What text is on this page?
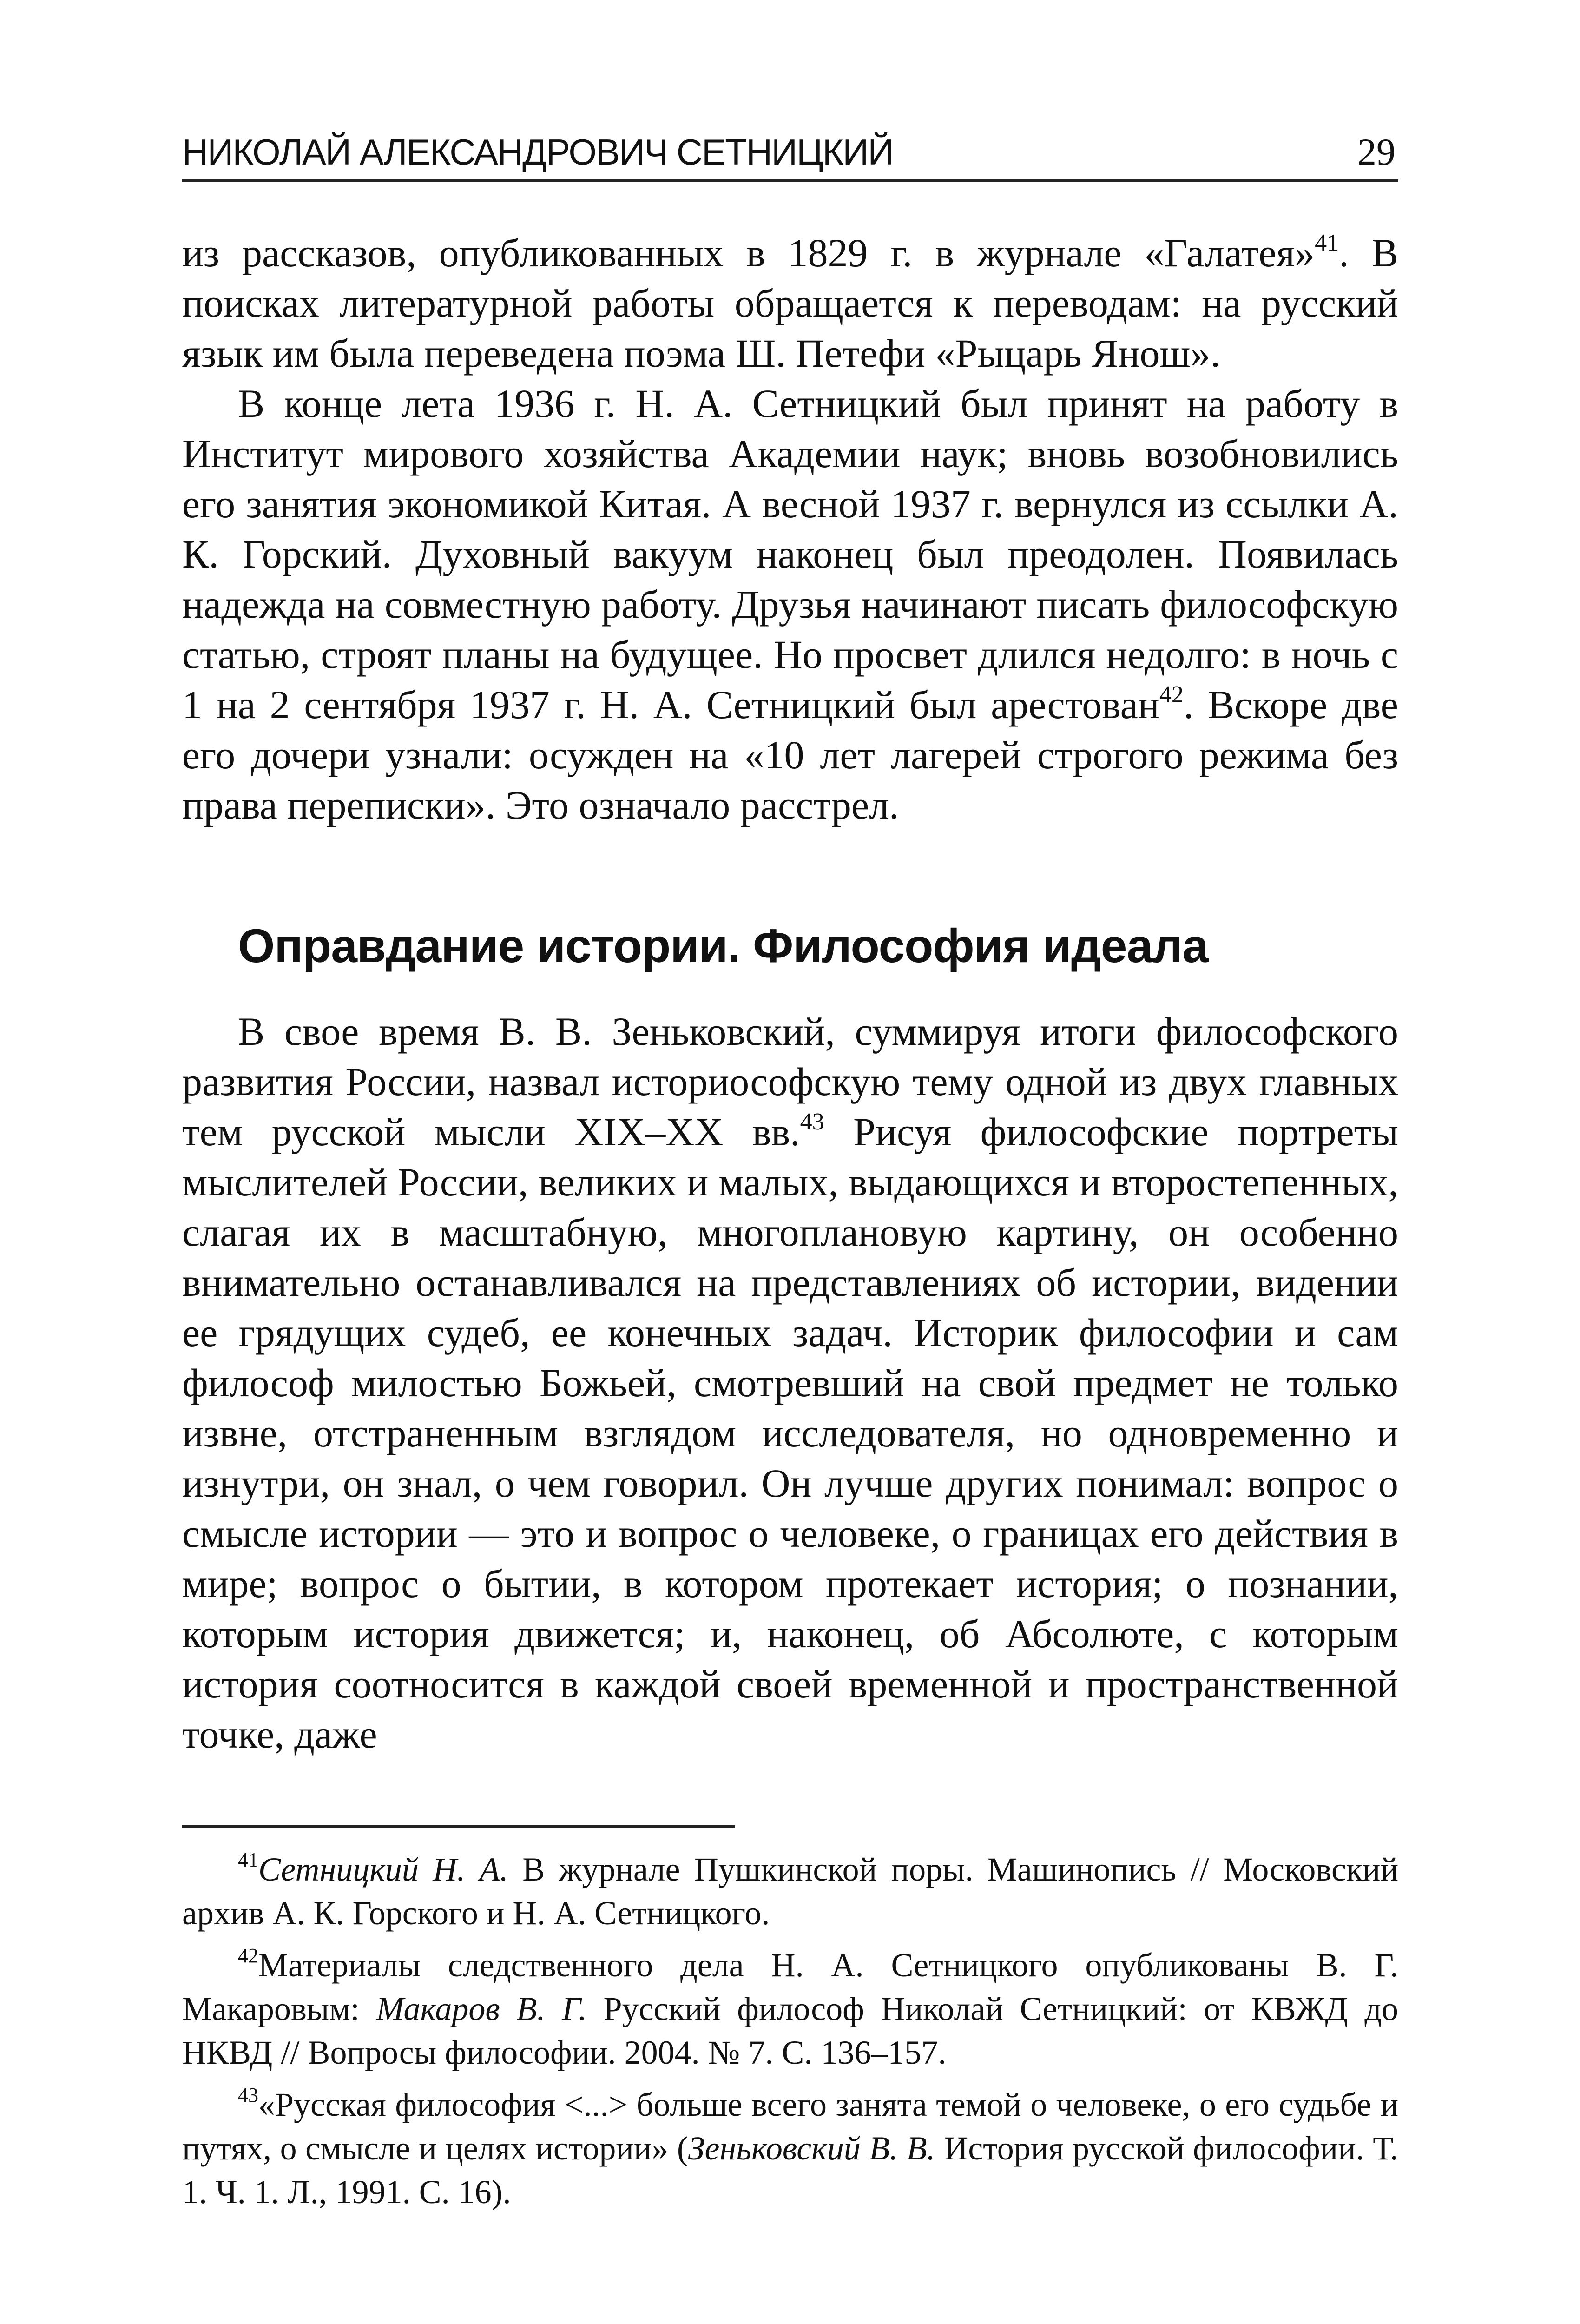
НИКОЛАЙ АЛЕКСАНДРОВИЧ СЕТНИЦКИЙ	29

из рассказов, опубликованных в 1829 г. в журнале «Галатея»$^{41}$. В поисках литературной работы обращается к переводам: на русский язык им была переведена поэма Ш. Петефи «Рыцарь Янош».

В конце лета 1936 г. Н. А. Сетницкий был принят на работу в Институт мирового хозяйства Академии наук; вновь возобновились его занятия экономикой Китая. А весной 1937 г. вернулся из ссылки А. К. Горский. Духовный вакуум наконец был преодолен. Появилась надежда на совместную работу. Друзья начинают писать философскую статью, строят планы на будущее. Но просвет длился недолго: в ночь с 1 на 2 сентября 1937 г. Н. А. Сетницкий был арестован$^{42}$. Вскоре две его дочери узнали: осужден на «10 лет лагерей строгого режима без права переписки». Это означало расстрел.

Оправдание истории. Философия идеала

В свое время В. В. Зеньковский, суммируя итоги философского развития России, назвал историософскую тему одной из двух главных тем русской мысли XIX–XX вв.$^{43}$ Рисуя философские портреты мыслителей России, великих и малых, выдающихся и второстепенных, слагая их в масштабную, многоплановую картину, он особенно внимательно останавливался на представлениях об истории, видении ее грядущих судеб, ее конечных задач. Историк философии и сам философ милостью Божьей, смотревший на свой предмет не только извне, отстраненным взглядом исследователя, но одновременно и изнутри, он знал, о чем говорил. Он лучше других понимал: вопрос о смысле истории — это и вопрос о человеке, о границах его действия в мире; вопрос о бытии, в котором протекает история; о познании, которым история движется; и, наконец, об Абсолюте, с которым история соотносится в каждой своей временной и пространственной точке, даже

$^{41}$Сетницкий Н. А. В журнале Пушкинской поры. Машинопись // Московский архив А. К. Горского и Н. А. Сетницкого.

$^{42}$Материалы следственного дела Н. А. Сетницкого опубликованы В. Г. Макаровым: Макаров В. Г. Русский философ Николай Сетницкий: от КВЖД до НКВД // Вопросы философии. 2004. № 7. С. 136–157.

$^{43}$«Русская философия <...> больше всего занята темой о человеке, о его судьбе и путях, о смысле и целях истории» (Зеньковский В. В. История русской философии. Т. 1. Ч. 1. Л., 1991. С. 16).
